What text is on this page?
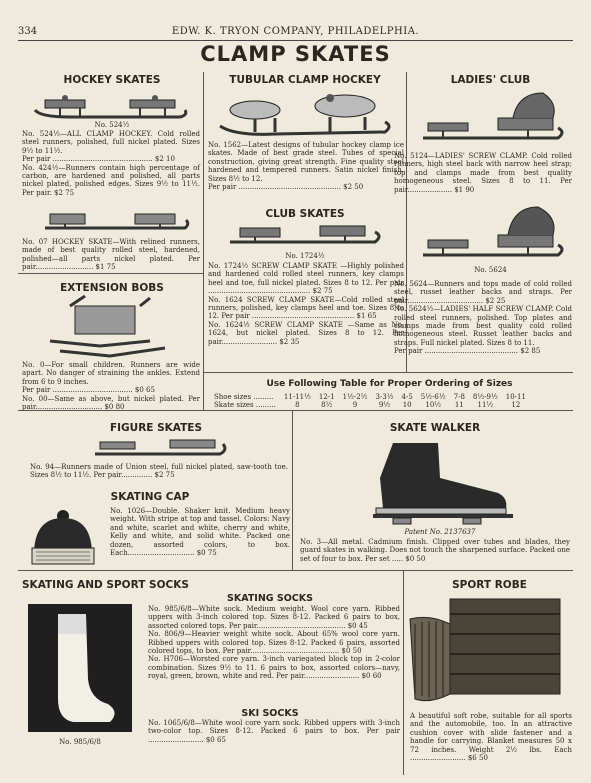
334	EDW. K. TRYON COMPANY, PHILADELPHIA.
CLAMP SKATES
HOCKEY SKATES
No. 524½
No. 524½—ALL CLAMP HOCKEY. Cold rolled steel runners, polished, full nickel plated. Sizes 9½ to 11½.
Per pair ............................................. $2 10
No. 424½—Runners contain high percentage of carbon, are hardened and polished, all parts nickel plated, polished edges. Sizes 9½ to 11½. Per pair. $2 75
No. 07 HOCKEY SKATE—With relined runners, made of best quality rolled steel, hardened, polished—all parts nickel plated. Per pair.......................... $1 75
EXTENSION BOBS
No. 0—For small children. Runners are wide apart. No danger of straining the ankles. Extend from 6 to 9 inches.
Per pair .................................... $0 65
No. 00—Same as above, but nickel plated. Per pair.............................. $0 80
TUBULAR CLAMP HOCKEY
No. 1562—Latest designs of tubular hockey clamp ice skates. Made of best grade steel. Tubes of special construction, giving great strength. Fine quality steel hardened and tempered runners. Satin nickel finish. Sizes 8½ to 12.
Per pair .............................................. $2 50
CLUB SKATES
No. 1724½
No. 1724½ SCREW CLAMP SKATE —Highly polished and hardened cold rolled steel runners, key clamps heel and toe, full nickel plated. Sizes 8 to 12. Per pair .............................................. $2 75
No. 1624 SCREW CLAMP SKATE—Cold rolled steel runners, polished, key clamps heel and toe. Sizes 8 to 12. Per pair .............................................. $1 65
No. 1624½ SCREW CLAMP SKATE —Same as No. 1624, but nickel plated. Sizes 8 to 12. Per pair......................... $2 35
LADIES' CLUB
No. 5124—LADIES' SCREW CLAMP. Cold rolled runners, high steel back with narrow heel strap; top and clamps made from best quality homogeneous steel. Sizes 8 to 11. Per pair.................... $1 90
No. 5624
No. 5624—Runners and tops made of cold rolled steel, russet leather backs and straps. Per pair.................................. $2 25
No. 5624½—LADIES' HALF SCREW CLAMP. Cold rolled steel runners, polished. Top plates and clamps made from best quality cold rolled homogeneous steel. Russet leather backs and straps. Full nickel plated. Sizes 8 to 11.
Per pair .......................................... $2 85
Use Following Table for Proper Ordering of Sizes
Shoe sizes .........	11-11½	12-1	1½-2½	3-3½	4-5	5½-6½	7-8	8½-9½	10-11
Skate sizes .........	8	8½	9	9½	10	10½	11	11½	12
FIGURE SKATES
No. 94—Runners made of Union steel, full nickel plated, saw-tooth toe. Sizes 8½ to 11½. Per pair.............. $2 75
SKATING CAP
No. 1026—Double. Shaker knit. Medium heavy weight. With stripe at top and tassel. Colors: Navy and white, scarlet and white, cherry and white, Kelly and white, and solid white. Packed one dozen, assorted colors, to box. Each.............................. $0 75
SKATE WALKER
Patent No. 2137637
No. 3—All metal. Cadmium finish. Clipped over tubes and blades, they guard skates in walking. Does not touch the sharpened surface. Packed one set of four to box. Per set ..... $0 50
SKATING AND SPORT SOCKS
No. 985/6/8
SKATING SOCKS
No. 985/6/8—White sock. Medium weight. Wool core yarn. Ribbed uppers with 3-inch colored top. Sizes 8-12. Packed 6 pairs to box, assorted colored tops. Per pair........................................ $0 45
No. 806/9—Heavier weight white sock. About 65% wool core yarn. Ribbed uppers with colored top. Sizes 8-12. Packed 6 pairs, assorted colored tops, to box. Per pair........................................ $0 50
No. H706—Worsted core yarn. 3-inch variegated block top in 2-color combination. Sizes 9½ to 11. 6 pairs to box, assorted colors—navy, royal, green, brown, white and red. Per pair......................... $0 60
SKI SOCKS
No. 1065/6/8—White wool core yarn sock. Ribbed uppers with 3-inch two-color top. Sizes 8-12. Packed 6 pairs to box. Per pair ......................... $0 65
SPORT ROBE
A beautiful soft robe, suitable for all sports and the automobile, too. In an attractive cushion cover with slide fastener and a handle for carrying. Blanket measures 50 x 72 inches. Weight 2½ lbs. Each ......................... $6 50
